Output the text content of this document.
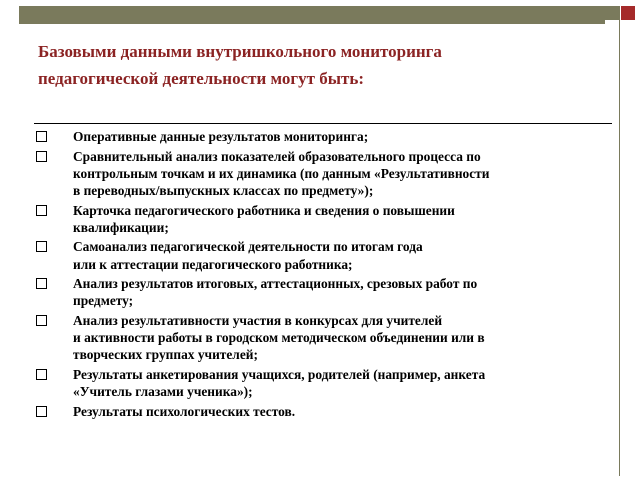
Базовыми данными внутришкольного мониторинга
педагогической деятельности могут быть:
Оперативные данные результатов мониторинга;
Сравнительный анализ показателей образовательного процесса по
контрольным точкам и их динамика (по данным «Результативности
в переводных/выпускных классах по предмету»);
Карточка педагогического работника и сведения о повышении
квалификации;
Самоанализ педагогической деятельности по итогам года
или к аттестации педагогического работника;
Анализ результатов итоговых, аттестационных, срезовых работ по
предмету;
Анализ результативности участия в конкурсах для учителей
и активности работы в городском методическом объединении или в
творческих группах учителей;
Результаты анкетирования учащихся, родителей (например, анкета
«Учитель глазами ученика»);
Результаты психологических тестов.
